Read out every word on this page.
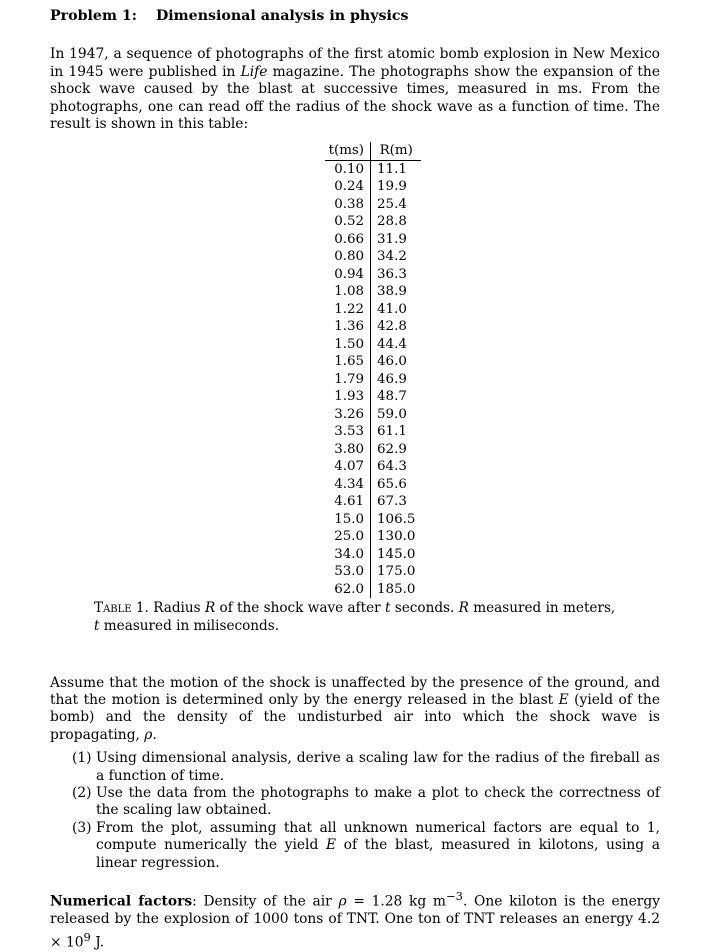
Problem 1: Dimensional analysis in physics

In 1947, a sequence of photographs of the first atomic bomb explosion in New Mexico in 1945 were published in Life magazine. The photographs show the expansion of the shock wave caused by the blast at successive times, measured in ms. From the photographs, one can read off the radius of the shock wave as a function of time. The result is shown in this table:

t(ms)	R(m)
0.10	11.1
0.24	19.9
0.38	25.4
0.52	28.8
0.66	31.9
0.80	34.2
0.94	36.3
1.08	38.9
1.22	41.0
1.36	42.8
1.50	44.4
1.65	46.0
1.79	46.9
1.93	48.7
3.26	59.0
3.53	61.1
3.80	62.9
4.07	64.3
4.34	65.6
4.61	67.3
15.0	106.5
25.0	130.0
34.0	145.0
53.0	175.0
62.0	185.0
Table 1. Radius R of the shock wave after t seconds. R measured in meters, t measured in miliseconds.

Assume that the motion of the shock is unaffected by the presence of the ground, and that the motion is determined only by the energy released in the blast E (yield of the bomb) and the density of the undisturbed air into which the shock wave is propagating, ρ.

(1) Using dimensional analysis, derive a scaling law for the radius of the fireball as a function of time.
(2) Use the data from the photographs to make a plot to check the correctness of the scaling law obtained.
(3) From the plot, assuming that all unknown numerical factors are equal to 1, compute numerically the yield E of the blast, measured in kilotons, using a linear regression.

Numerical factors: Density of the air ρ = 1.28 kg $m^{-3}$. One kiloton is the energy released by the explosion of 1000 tons of TNT. One ton of TNT releases an energy $4.2 \times 10^9$ J.
